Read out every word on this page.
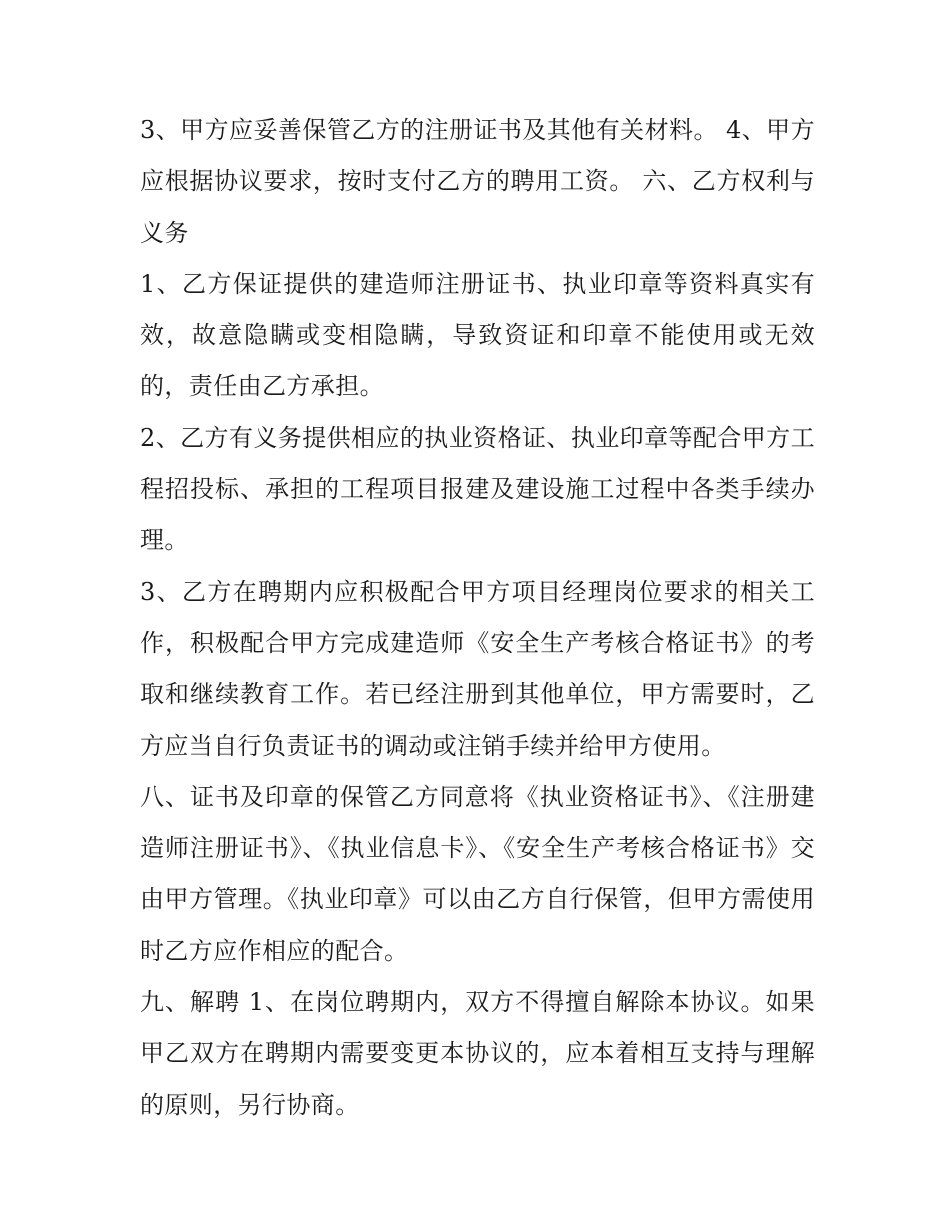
3、甲方应妥善保管乙方的注册证书及其他有关材料。 4、甲方应根据协议要求，按时支付乙方的聘用工资。 六、乙方权利与义务

1、乙方保证提供的建造师注册证书、执业印章等资料真实有效，故意隐瞒或变相隐瞒，导致资证和印章不能使用或无效的，责任由乙方承担。

2、乙方有义务提供相应的执业资格证、执业印章等配合甲方工程招投标、承担的工程项目报建及建设施工过程中各类手续办理。

3、乙方在聘期内应积极配合甲方项目经理岗位要求的相关工作，积极配合甲方完成建造师《安全生产考核合格证书》的考取和继续教育工作。若已经注册到其他单位，甲方需要时，乙方应当自行负责证书的调动或注销手续并给甲方使用。

八、证书及印章的保管乙方同意将《执业资格证书》、《注册建造师注册证书》、《执业信息卡》、《安全生产考核合格证书》交由甲方管理。《执业印章》可以由乙方自行保管，但甲方需使用时乙方应作相应的配合。

九、解聘 1、在岗位聘期内，双方不得擅自解除本协议。如果甲乙双方在聘期内需要变更本协议的，应本着相互支持与理解的原则，另行协商。
